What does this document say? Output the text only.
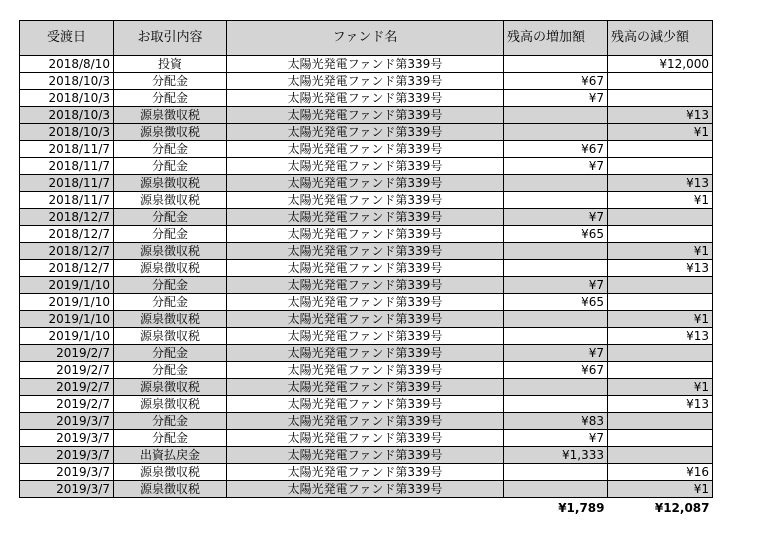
受渡日	お取引内容	ファンド名	残高の増加額	残高の減少額
2018/8/10	投資	太陽光発電ファンド第339号		¥12,000
2018/10/3	分配金	太陽光発電ファンド第339号	¥67	
2018/10/3	分配金	太陽光発電ファンド第339号	¥7	
2018/10/3	源泉徴収税	太陽光発電ファンド第339号		¥13
2018/10/3	源泉徴収税	太陽光発電ファンド第339号		¥1
2018/11/7	分配金	太陽光発電ファンド第339号	¥67	
2018/11/7	分配金	太陽光発電ファンド第339号	¥7	
2018/11/7	源泉徴収税	太陽光発電ファンド第339号		¥13
2018/11/7	源泉徴収税	太陽光発電ファンド第339号		¥1
2018/12/7	分配金	太陽光発電ファンド第339号	¥7	
2018/12/7	分配金	太陽光発電ファンド第339号	¥65	
2018/12/7	源泉徴収税	太陽光発電ファンド第339号		¥1
2018/12/7	源泉徴収税	太陽光発電ファンド第339号		¥13
2019/1/10	分配金	太陽光発電ファンド第339号	¥7	
2019/1/10	分配金	太陽光発電ファンド第339号	¥65	
2019/1/10	源泉徴収税	太陽光発電ファンド第339号		¥1
2019/1/10	源泉徴収税	太陽光発電ファンド第339号		¥13
2019/2/7	分配金	太陽光発電ファンド第339号	¥7	
2019/2/7	分配金	太陽光発電ファンド第339号	¥67	
2019/2/7	源泉徴収税	太陽光発電ファンド第339号		¥1
2019/2/7	源泉徴収税	太陽光発電ファンド第339号		¥13
2019/3/7	分配金	太陽光発電ファンド第339号	¥83	
2019/3/7	分配金	太陽光発電ファンド第339号	¥7	
2019/3/7	出資払戻金	太陽光発電ファンド第339号	¥1,333	
2019/3/7	源泉徴収税	太陽光発電ファンド第339号		¥16
2019/3/7	源泉徴収税	太陽光発電ファンド第339号		¥1
			¥1,789	¥12,087
